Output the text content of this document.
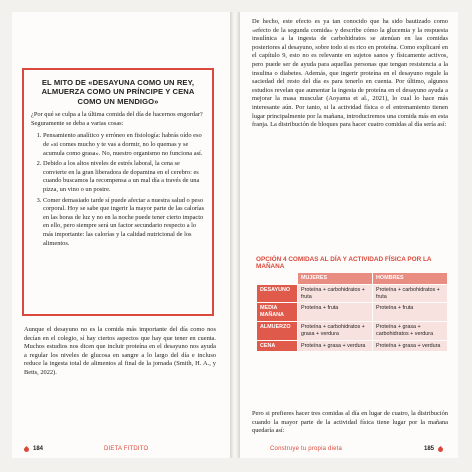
EL MITO DE «DESAYUNA COMO UN REY, ALMUERZA COMO UN PRÍNCIPE Y CENA COMO UN MENDIGO»

¿Por qué se culpa a la última comida del día de hacernos engordar? Seguramente se deba a varias cosas:

1. Pensamiento analítico y erróneo en fisiología: habrás oído eso de «si comes mucho y te vas a dormir, no lo quemas y se acumula como grasa». No, nuestro organismo no funciona así.
2. Debido a los altos niveles de estrés laboral, la cena se convierte en la gran liberadora de dopamina en el cerebro: es cuando buscamos la recompensa a un mal día a través de una pizza, un vino o un postre.
3. Comer demasiado tarde sí puede afectar a nuestra salud o peso corporal. Hoy se sabe que ingerir la mayor parte de las calorías en las horas de luz y no en la noche puede tener cierto impacto en ello, pero siempre será un factor secundario respecto a lo más importante: las calorías y la calidad nutricional de los alimentos.
Aunque el desayuno no es la comida más importante del día como nos decían en el colegio, sí hay ciertos aspectos que hay que tener en cuenta. Muchos estudios nos dicen que incluir proteína en el desayuno nos ayuda a regular los niveles de glucosa en sangre a lo largo del día e incluso reduce la ingesta total de alimentos al final de la jornada (Smith, H. A., y Betts, 2022).
184	DIETA FITDITO
De hecho, este efecto es ya tan conocido que ha sido bautizado como «efecto de la segunda comida» y describe cómo la glucemia y la respuesta insulínica a la ingesta de carbohidratos se atenúan en las comidas posteriores al desayuno, sobre todo si es rico en proteína. Como explicaré en el capítulo 9, esto no es relevante en sujetos sanos y físicamente activos, pero puede ser de ayuda para aquellas personas que tengan resistencia a la insulina o diabetes. Además, que ingerir proteína en el desayuno regule la saciedad del resto del día es para tenerlo en cuenta. Por último, algunos estudios revelan que aumentar la ingesta de proteína en el desayuno ayuda a mejorar la masa muscular (Aoyama et al., 2021), lo cual lo hace más interesante aún. Por tanto, si la actividad física o el entrenamiento tienen lugar principalmente por la mañana, introduciremos una comida más en esta franja. La distribución de bloques para hacer cuatro comidas al día sería así:
OPCIÓN 4 COMIDAS AL DÍA Y ACTIVIDAD FÍSICA POR LA MAÑANA
	MUJERES	HOMBRES
DESAYUNO	Proteína + carbohidratos + fruta	Proteína + carbohidratos + fruta
MEDIA MAÑANA	Proteína + fruta	Proteína + fruta
ALMUERZO	Proteína + carbohidratos + grasa + verdura	Proteína + grasa + carbohidratos + verdura
CENA	Proteína + grasa + verdura	Proteína + grasa + verdura
Pero si prefieres hacer tres comidas al día en lugar de cuatro, la distribución cuando la mayor parte de la actividad física tiene lugar por la mañana quedaría así:
Construye tu propia dieta	185
